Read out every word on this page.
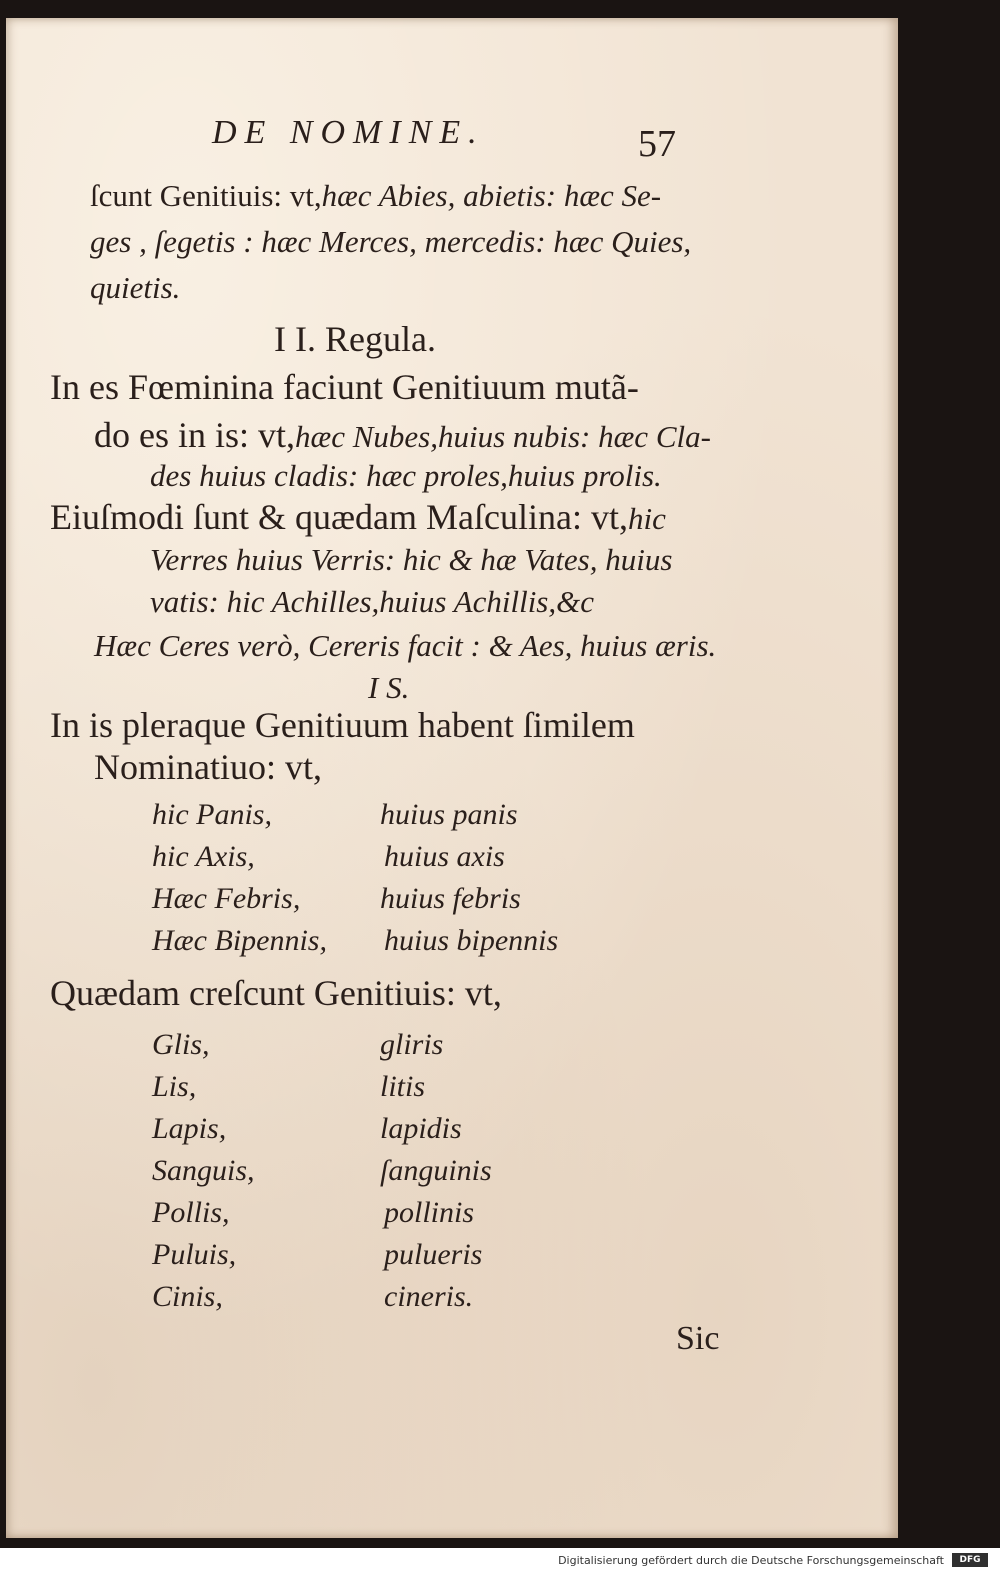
DE NOMINE.	57
ſcunt Genitiuis: vt,hæc Abies, abietis: hæc Se-
ges , ſegetis : hæc Merces, mercedis: hæc Quies,
quietis.
I I. Regula.
In es Fœminina faciunt Genitiuum mutã-
do es in is: vt,hæc Nubes,huius nubis: hæc Cla-
des huius cladis: hæc proles,huius prolis.
Eiuſmodi ſunt & quædam Maſculina: vt,hic
Verres huius Verris: hic & hæ Vates, huius
vatis: hic Achilles,huius Achillis,&c
Hæc Ceres verò, Cereris facit : & Aes, huius æris.
I S.
In is pleraque Genitiuum habent ſimilem
Nominatiuo: vt,
hic Panis,	huius panis
hic Axis,	huius axis
Hæc Febris,	huius febris
Hæc Bipennis, huius bipennis
Quædam creſcunt Genitiuis: vt,
Glis,	gliris
Lis,	litis
Lapis,	lapidis
Sanguis,	ſanguinis
Pollis,	pollinis
Puluis,	pulueris
Cinis,	cineris.
Sic
Digitalisierung gefördert durch die Deutsche Forschungsgemeinschaft	DFG
